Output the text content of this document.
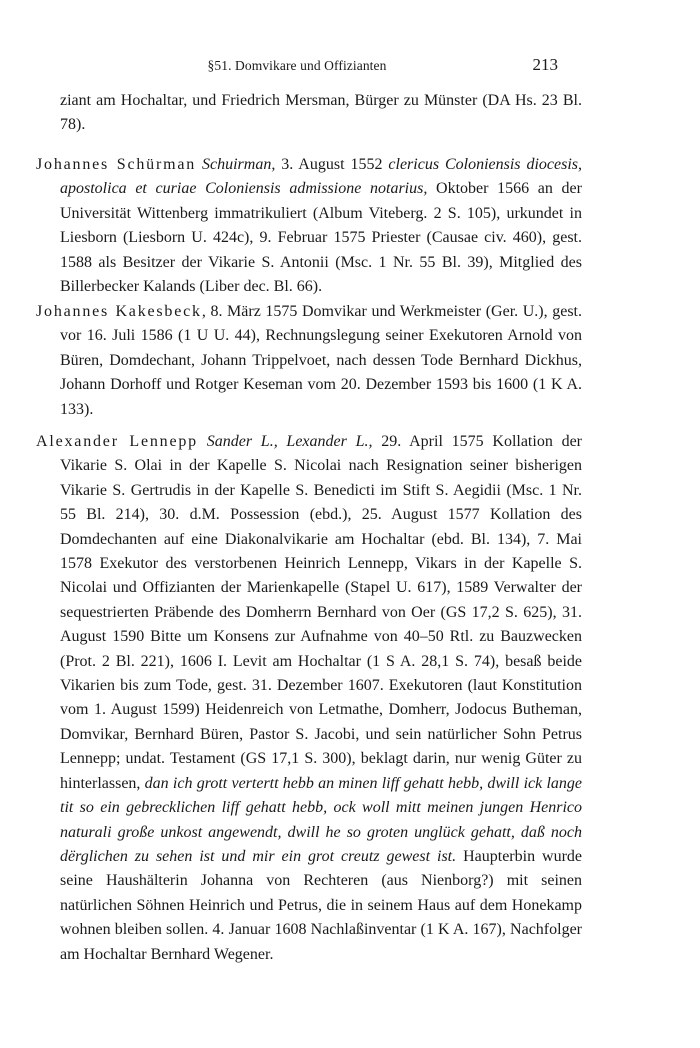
§51. Domvikare und Offizianten	213

ziant am Hochaltar, und Friedrich Mersman, Bürger zu Münster (DA Hs. 23 Bl. 78).

Johannes Schürman Schuirman, 3. August 1552 clericus Coloniensis diocesis, apostolica et curiae Coloniensis admissione notarius, Oktober 1566 an der Universität Wittenberg immatrikuliert (Album Viteberg. 2 S. 105), urkundet in Liesborn (Liesborn U. 424c), 9. Februar 1575 Priester (Causae civ. 460), gest. 1588 als Besitzer der Vikarie S. Antonii (Msc. 1 Nr. 55 Bl. 39), Mitglied des Billerbecker Kalands (Liber dec. Bl. 66).

Johannes Kakesbeck, 8. März 1575 Domvikar und Werkmeister (Ger. U.), gest. vor 16. Juli 1586 (1 U U. 44), Rechnungslegung seiner Exekutoren Arnold von Büren, Domdechant, Johann Trippelvoet, nach dessen Tode Bernhard Dickhus, Johann Dorhoff und Rotger Keseman vom 20. Dezember 1593 bis 1600 (1 K A. 133).

Alexander Lennepp Sander L., Lexander L., 29. April 1575 Kollation der Vikarie S. Olai in der Kapelle S. Nicolai nach Resignation seiner bisherigen Vikarie S. Gertrudis in der Kapelle S. Benedicti im Stift S. Aegidii (Msc. 1 Nr. 55 Bl. 214), 30. d.M. Possession (ebd.), 25. August 1577 Kollation des Domdechanten auf eine Diakonalvikarie am Hochaltar (ebd. Bl. 134), 7. Mai 1578 Exekutor des verstorbenen Heinrich Lennepp, Vikars in der Kapelle S. Nicolai und Offizianten der Marienkapelle (Stapel U. 617), 1589 Verwalter der sequestrierten Präbende des Domherrn Bernhard von Oer (GS 17,2 S. 625), 31. August 1590 Bitte um Konsens zur Aufnahme von 40–50 Rtl. zu Bauzwecken (Prot. 2 Bl. 221), 1606 I. Levit am Hochaltar (1 S A. 28,1 S. 74), besaß beide Vikarien bis zum Tode, gest. 31. Dezember 1607. Exekutoren (laut Konstitution vom 1. August 1599) Heidenreich von Letmathe, Domherr, Jodocus Butheman, Domvikar, Bernhard Büren, Pastor S. Jacobi, und sein natürlicher Sohn Petrus Lennepp; undat. Testament (GS 17,1 S. 300), beklagt darin, nur wenig Güter zu hinterlassen, dan ich grott vertertt hebb an minen liff gehatt hebb, dwill ick lange tit so ein gebrecklichen liff gehatt hebb, ock woll mitt meinen jungen Henrico naturali große unkost angewendt, dwill he so groten unglück gehatt, daß noch dërglichen zu sehen ist und mir ein grot creutz gewest ist. Haupterbin wurde seine Haushälterin Johanna von Rechteren (aus Nienborg?) mit seinen natürlichen Söhnen Heinrich und Petrus, die in seinem Haus auf dem Honekamp wohnen bleiben sollen. 4. Januar 1608 Nachlaßinventar (1 K A. 167), Nachfolger am Hochaltar Bernhard Wegener.
